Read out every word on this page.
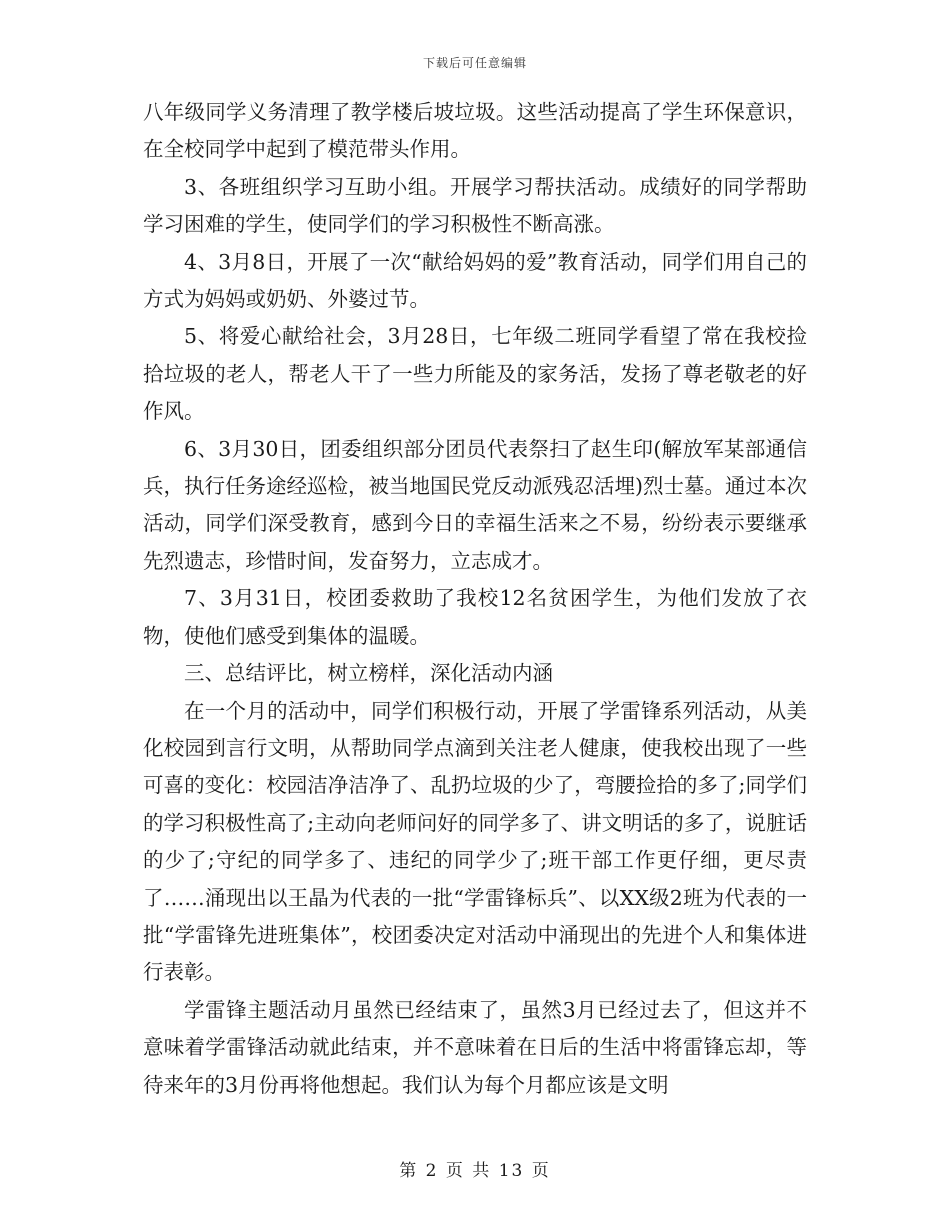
下载后可任意编辑

八年级同学义务清理了教学楼后坡垃圾。这些活动提高了学生环保意识，在全校同学中起到了模范带头作用。

3、各班组织学习互助小组。开展学习帮扶活动。成绩好的同学帮助学习困难的学生，使同学们的学习积极性不断高涨。

4、3月8日，开展了一次“献给妈妈的爱”教育活动，同学们用自己的方式为妈妈或奶奶、外婆过节。

5、将爱心献给社会，3月28日，七年级二班同学看望了常在我校捡拾垃圾的老人，帮老人干了一些力所能及的家务活，发扬了尊老敬老的好作风。

6、3月30日，团委组织部分团员代表祭扫了赵生印(解放军某部通信兵，执行任务途经巡检，被当地国民党反动派残忍活埋)烈士墓。通过本次活动，同学们深受教育，感到今日的幸福生活来之不易，纷纷表示要继承先烈遗志，珍惜时间，发奋努力，立志成才。

7、3月31日，校团委救助了我校12名贫困学生，为他们发放了衣物，使他们感受到集体的温暖。

三、总结评比，树立榜样，深化活动内涵

在一个月的活动中，同学们积极行动，开展了学雷锋系列活动，从美化校园到言行文明，从帮助同学点滴到关注老人健康，使我校出现了一些可喜的变化：校园洁净洁净了、乱扔垃圾的少了，弯腰捡拾的多了;同学们的学习积极性高了;主动向老师问好的同学多了、讲文明话的多了，说脏话的少了;守纪的同学多了、违纪的同学少了;班干部工作更仔细，更尽责了……涌现出以王晶为代表的一批“学雷锋标兵”、以XX级2班为代表的一批“学雷锋先进班集体”，校团委决定对活动中涌现出的先进个人和集体进行表彰。

学雷锋主题活动月虽然已经结束了，虽然3月已经过去了，但这并不意味着学雷锋活动就此结束，并不意味着在日后的生活中将雷锋忘却，等待来年的3月份再将他想起。我们认为每个月都应该是文明

第 2 页 共 13 页
